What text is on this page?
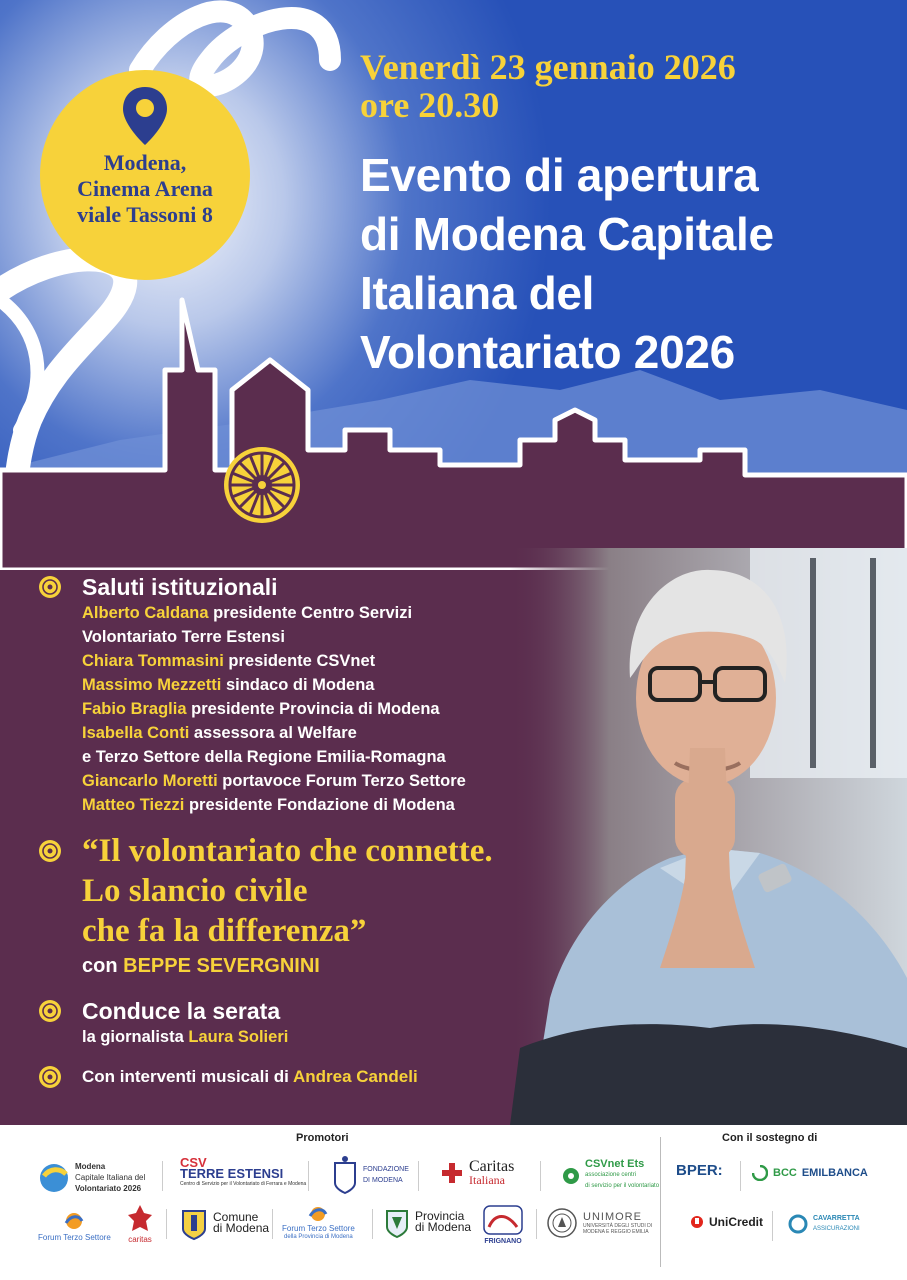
Modena,
Cinema Arena
viale Tassoni 8
Venerdì 23 gennaio 2026
ore 20.30
Evento di apertura
di Modena Capitale
Italiana del
Volontariato 2026
Saluti istituzionali
Alberto Caldana presidente Centro Servizi
Volontariato Terre Estensi
Chiara Tommasini presidente CSVnet
Massimo Mezzetti sindaco di Modena
Fabio Braglia presidente Provincia di Modena
Isabella Conti assessora al Welfare
e Terzo Settore della Regione Emilia-Romagna
Giancarlo Moretti portavoce Forum Terzo Settore
Matteo Tiezzi presidente Fondazione di Modena
“Il volontariato che connette.
Lo slancio civile
che fa la differenza”
con BEPPE SEVERGNINI
Conduce la serata
la giornalista Laura Solieri
Con interventi musicali di Andrea Candeli
Promotori	Con il sostegno di
Modena
Capitale Italiana del
Volontariato 2026
CSV
TERRE ESTENSI
Centro di Servizio per il Volontariato di Ferrara e Modena
FONDAZIONE
DI MODENA
Caritas
Italiana
CSVnet Ets
associazione centri
di servizio per il volontariato
Forum Terzo Settore caritas
Comune
di Modena Forum Terzo Settore
della Provincia di Modena
Provincia
di Modena
FRIGNANO
UNIMORE
UNIVERSITÀ DEGLI STUDI DI
MODENA E REGGIO EMILIA
BPER:	BCC EMILBANCA
UniCredit	CAVARRETTA
ASSICURAZIONI
